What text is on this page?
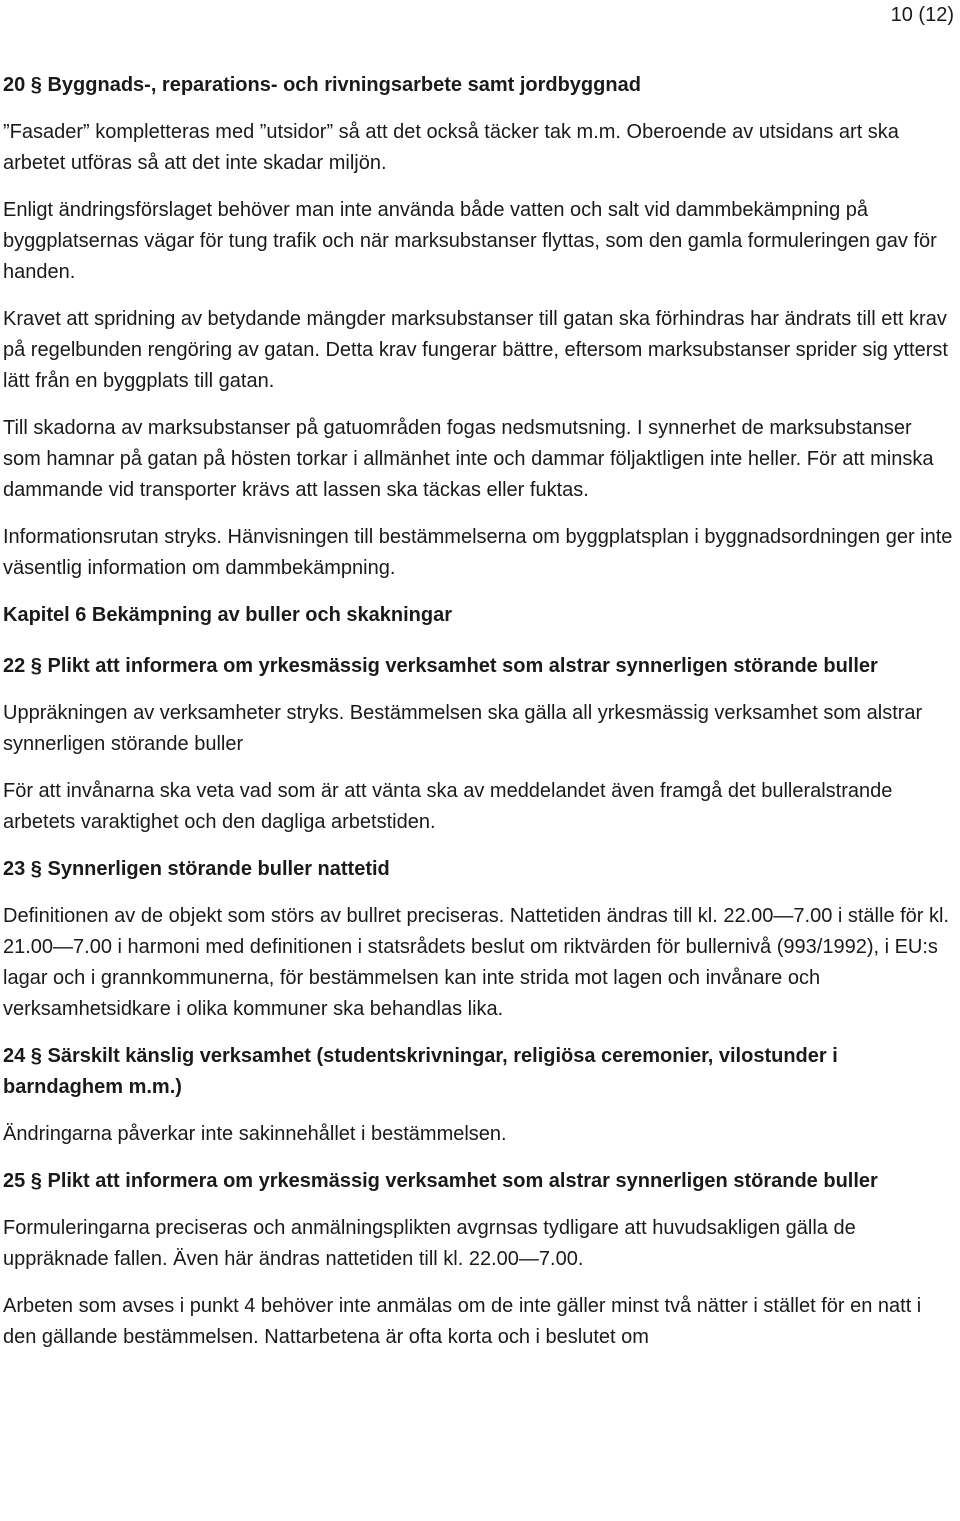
10 (12)
20 § Byggnads-, reparations- och rivningsarbete samt jordbyggnad

”Fasader” kompletteras med ”utsidor” så att det också täcker tak m.m. Oberoende av utsidans art ska arbetet utföras så att det inte skadar miljön.

Enligt ändringsförslaget behöver man inte använda både vatten och salt vid dammbekämpning på byggplatsernas vägar för tung trafik och när marksubstanser flyttas, som den gamla formuleringen gav för handen.

Kravet att spridning av betydande mängder marksubstanser till gatan ska förhindras har ändrats till ett krav på regelbunden rengöring av gatan. Detta krav fungerar bättre, eftersom marksubstanser sprider sig ytterst lätt från en byggplats till gatan.

Till skadorna av marksubstanser på gatuområden fogas nedsmutsning. I synnerhet de marksubstanser som hamnar på gatan på hösten torkar i allmänhet inte och dammar följaktligen inte heller. För att minska dammande vid transporter krävs att lassen ska täckas eller fuktas.

Informationsrutan stryks. Hänvisningen till bestämmelserna om byggplatsplan i byggnadsordningen ger inte väsentlig information om dammbekämpning.

Kapitel 6 Bekämpning av buller och skakningar
22 § Plikt att informera om yrkesmässig verksamhet som alstrar synnerligen störande buller

Uppräkningen av verksamheter stryks. Bestämmelsen ska gälla all yrkesmässig verksamhet som alstrar synnerligen störande buller

För att invånarna ska veta vad som är att vänta ska av meddelandet även framgå det bulleralstrande arbetets varaktighet och den dagliga arbetstiden.

23 § Synnerligen störande buller nattetid

Definitionen av de objekt som störs av bullret preciseras. Nattetiden ändras till kl. 22.00—7.00 i ställe för kl. 21.00—7.00 i harmoni med definitionen i statsrådets beslut om riktvärden för bullernivå (993/1992), i EU:s lagar och i grannkommunerna, för bestämmelsen kan inte strida mot lagen och invånare och verksamhetsidkare i olika kommuner ska behandlas lika.

24 § Särskilt känslig verksamhet (studentskrivningar, religiösa ceremonier, vilostunder i barndaghem m.m.)

Ändringarna påverkar inte sakinnehållet i bestämmelsen.

25 § Plikt att informera om yrkesmässig verksamhet som alstrar synnerligen störande buller

Formuleringarna preciseras och anmälningsplikten avgrnsas tydligare att huvudsakligen gälla de uppräknade fallen. Även här ändras nattetiden till kl. 22.00—7.00.

Arbeten som avses i punkt 4 behöver inte anmälas om de inte gäller minst två nätter i stället för en natt i den gällande bestämmelsen. Nattarbetena är ofta korta och i beslutet om
